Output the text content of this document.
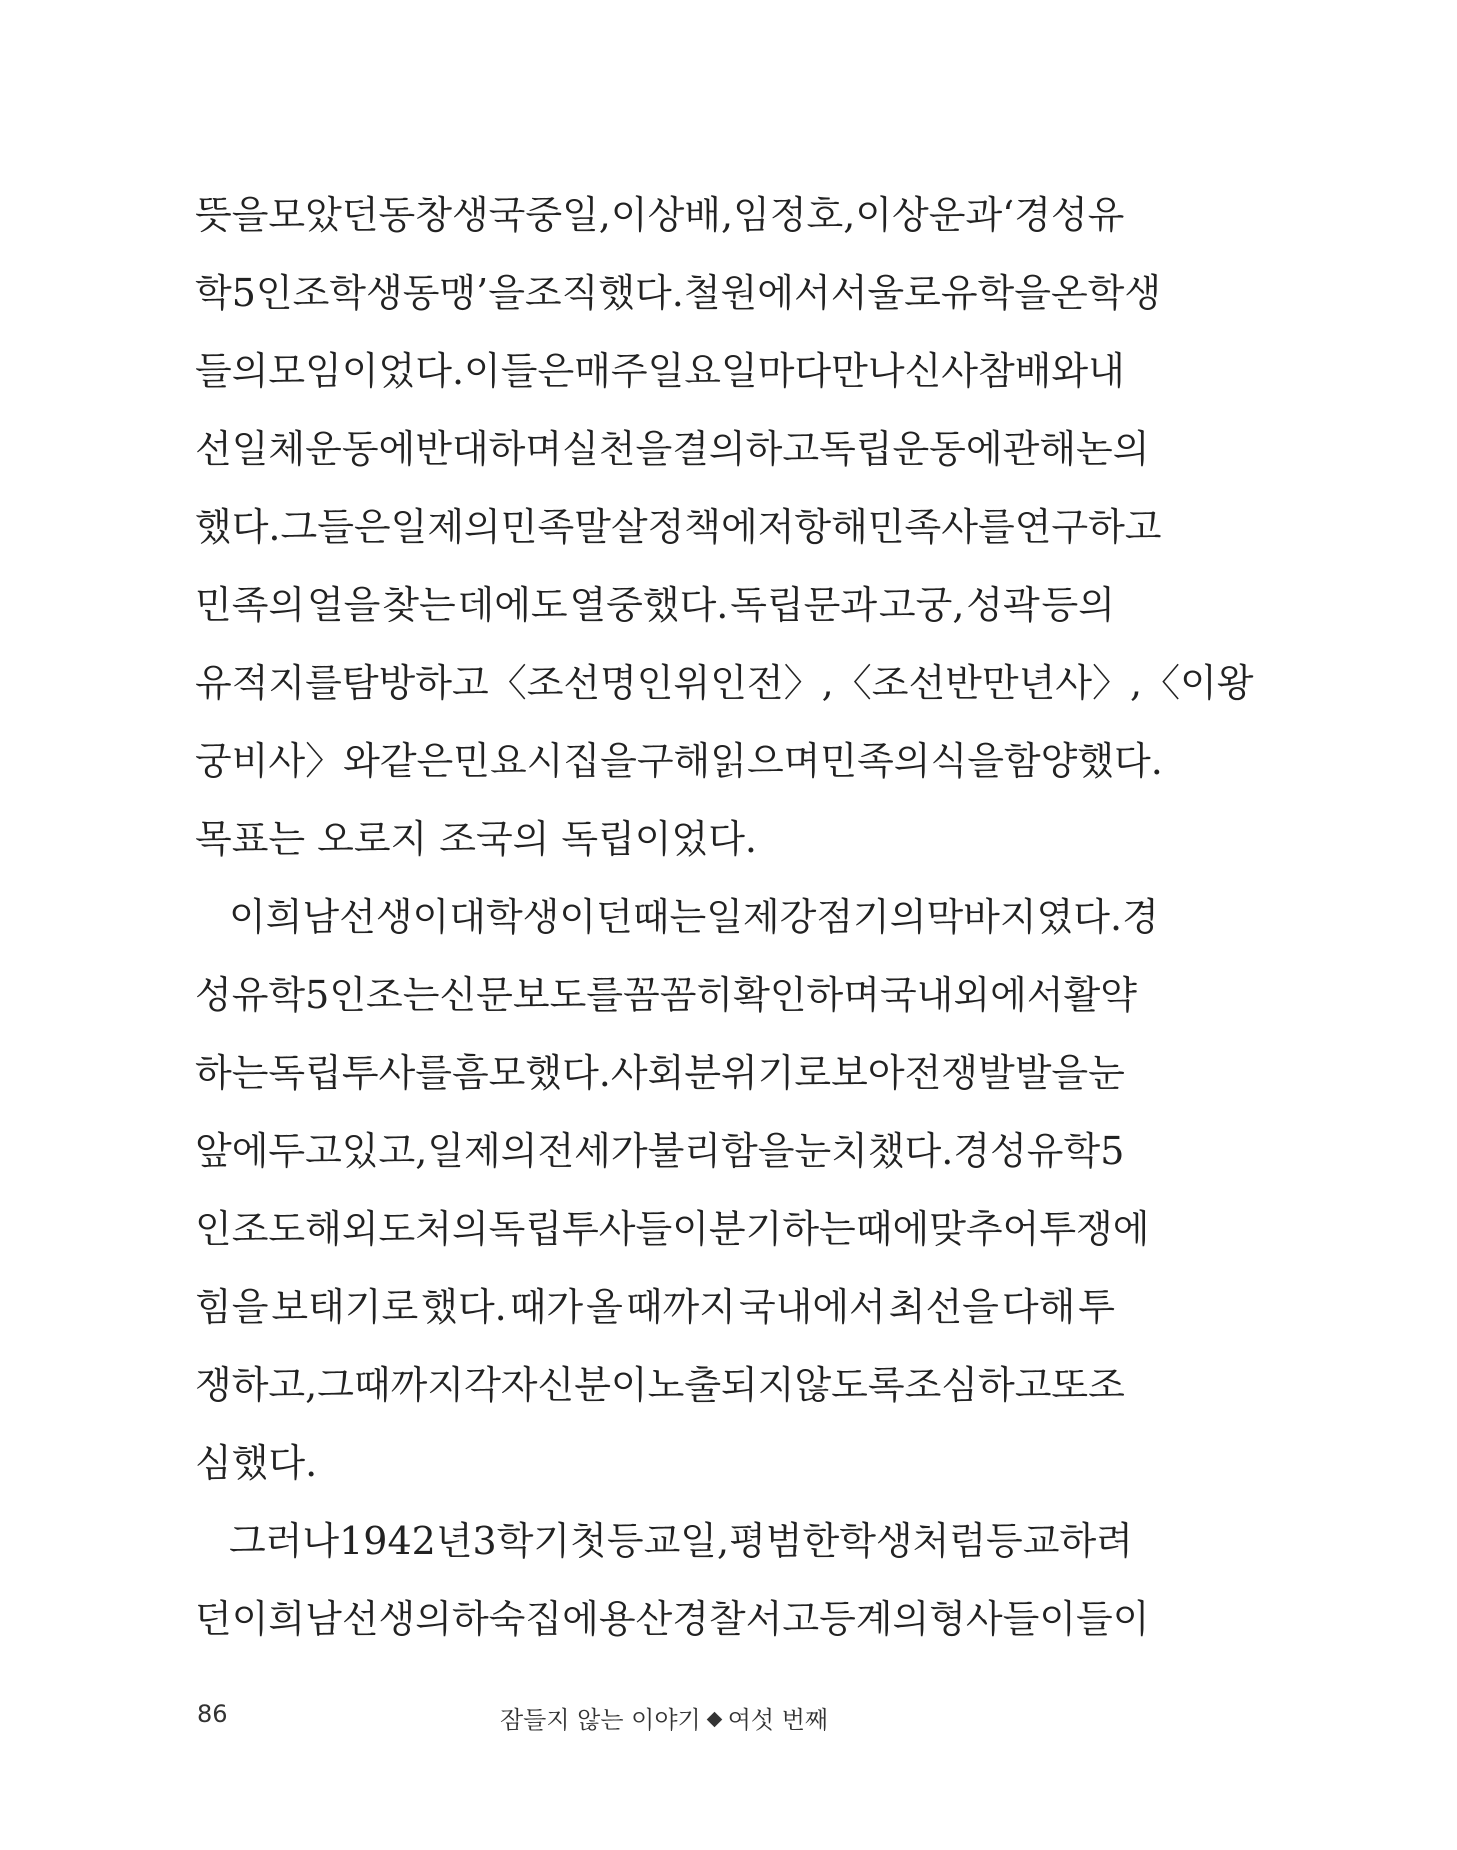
뜻을 모았던 동창생 국중일, 이상배, 임정호, 이상운과 ‘경성유
학5인조학생동맹’을 조직했다. 철원에서 서울로 유학을 온 학생
들의 모임이었다. 이들은 매주 일요일마다 만나 신사참배와 내
선일체운동에 반대하며 실천을 결의하고 독립운동에 관해 논의
했다. 그들은 일제의 민족말살정책에 저항해 민족사를 연구하고
민족의 얼을 찾는 데에도 열중했다. 독립문과 고궁, 성곽 등의
유적지를 탐방하고 〈조선명인위인전〉, 〈조선반만년사〉, 〈이왕
궁비사〉와 같은 민요시집을 구해 읽으며 민족의식을 함양했다.
목표는 오로지 조국의 독립이었다.
이희남 선생이 대학생이던 때는 일제강점기의 막바지였다. 경
성 유학 5인조는 신문 보도를 꼼꼼히 확인하며 국내외에서 활약
하는 독립투사를 흠모했다. 사회 분위기로 보아 전쟁 발발을 눈
앞에 두고 있고, 일제의 전세가 불리함을 눈치챘다. 경성 유학 5
인조도 해외 도처의 독립투사들이 분기하는 때에 맞추어 투쟁에
힘을 보태기로 했다. 때가 올 때까지 국내에서 최선을 다해 투
쟁하고, 그때까지 각자 신분이 노출되지 않도록 조심하고 또 조
심했다.
그러나 1942년 3학기 첫 등교일, 평범한 학생처럼 등교하려
던 이희남 선생의 하숙집에 용산경찰서 고등계의 형사들이 들이
86	잠들지 않는 이야기 여섯 번째
